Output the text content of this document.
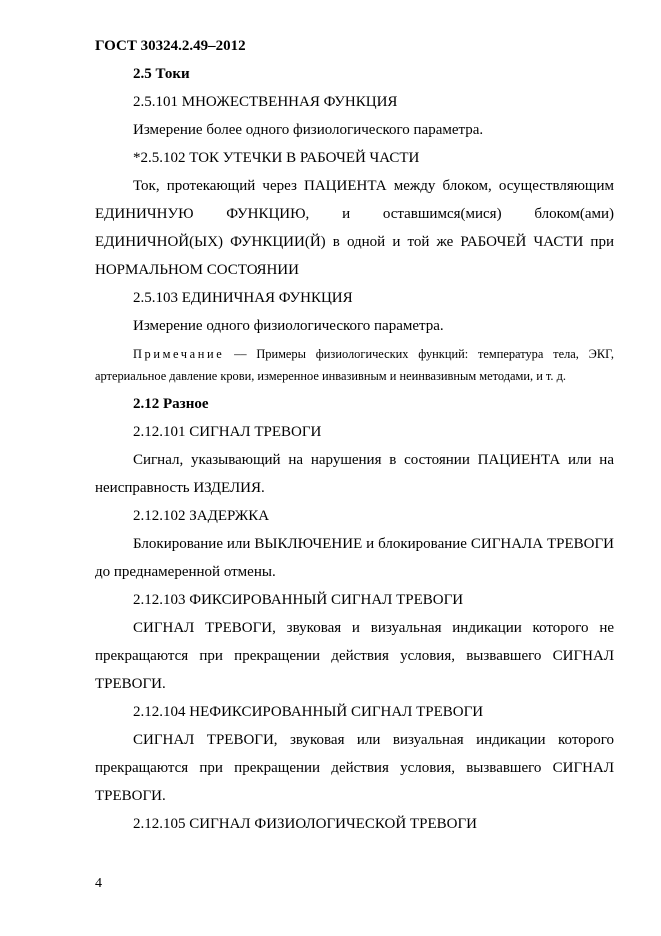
ГОСТ 30324.2.49–2012

2.5 Токи

2.5.101 МНОЖЕСТВЕННАЯ ФУНКЦИЯ

Измерение более одного физиологического параметра.

*2.5.102 ТОК УТЕЧКИ В РАБОЧЕЙ ЧАСТИ

Ток, протекающий через ПАЦИЕНТА между блоком, осуществляющим ЕДИНИЧНУЮ ФУНКЦИЮ, и оставшимся(мися) блоком(ами) ЕДИНИЧНОЙ(ЫХ) ФУНКЦИИ(Й) в одной и той же РАБОЧЕЙ ЧАСТИ при НОРМАЛЬНОМ СОСТОЯНИИ

2.5.103 ЕДИНИЧНАЯ ФУНКЦИЯ

Измерение одного физиологического параметра.

Примечание –– Примеры физиологических функций: температура тела, ЭКГ, артериальное давление крови, измеренное инвазивным и неинвазивным методами, и т. д.

2.12 Разное

2.12.101 СИГНАЛ ТРЕВОГИ

Сигнал, указывающий на нарушения в состоянии ПАЦИЕНТА или на неисправность ИЗДЕЛИЯ.

2.12.102 ЗАДЕРЖКА

Блокирование или ВЫКЛЮЧЕНИЕ и блокирование СИГНАЛА ТРЕВОГИ до преднамеренной отмены.

2.12.103 ФИКСИРОВАННЫЙ СИГНАЛ ТРЕВОГИ

СИГНАЛ ТРЕВОГИ, звуковая и визуальная индикации которого не прекращаются при прекращении действия условия, вызвавшего СИГНАЛ ТРЕВОГИ.

2.12.104 НЕФИКСИРОВАННЫЙ СИГНАЛ ТРЕВОГИ

СИГНАЛ ТРЕВОГИ, звуковая или визуальная индикации которого прекращаются при прекращении действия условия, вызвавшего СИГНАЛ ТРЕВОГИ.

2.12.105 СИГНАЛ ФИЗИОЛОГИЧЕСКОЙ ТРЕВОГИ

4
